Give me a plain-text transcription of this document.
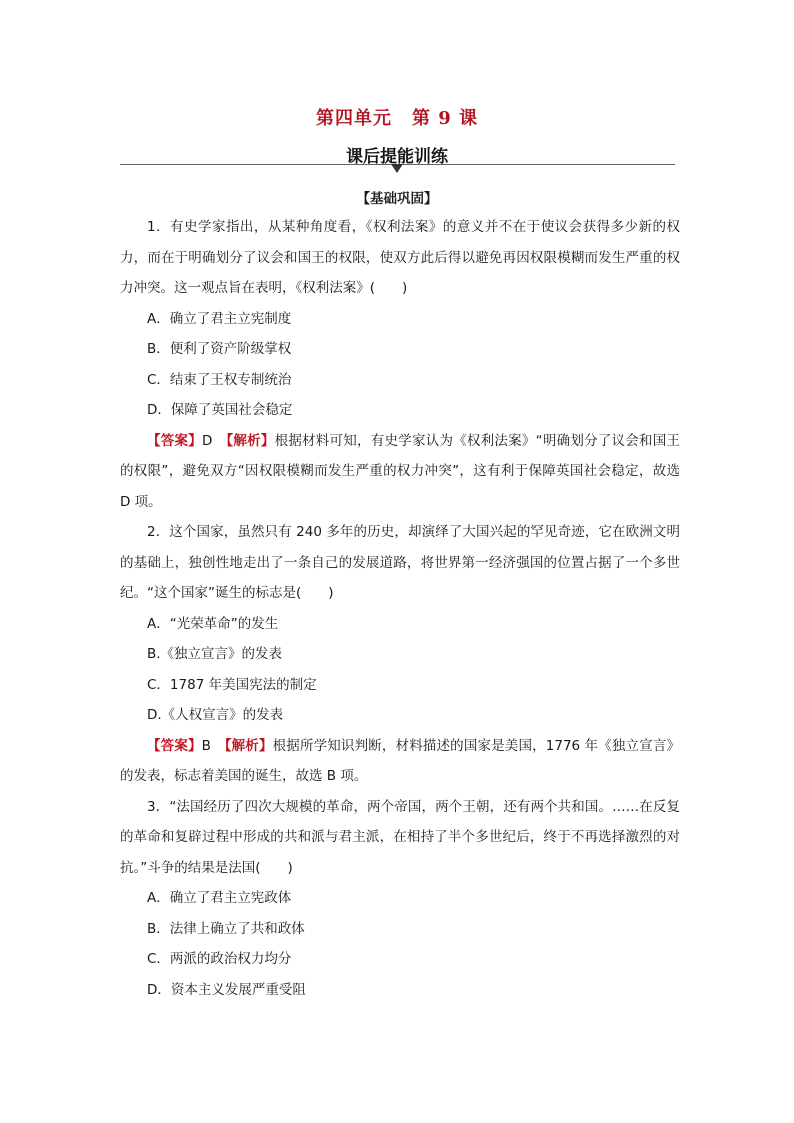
第四单元 第 9 课
课后提能训练
【基础巩固】

1．有史学家指出，从某种角度看，《权利法案》的意义并不在于使议会获得多少新的权力，而在于明确划分了议会和国王的权限，使双方此后得以避免再因权限模糊而发生严重的权力冲突。这一观点旨在表明，《权利法案》(　　)

A．确立了君主立宪制度

B．便利了资产阶级掌权

C．结束了王权专制统治

D．保障了英国社会稳定

【答案】D　 【解析】根据材料可知，有史学家认为《权利法案》“明确划分了议会和国王的权限”，避免双方“因权限模糊而发生严重的权力冲突”，这有利于保障英国社会稳定，故选 D 项。

2．这个国家，虽然只有 240 多年的历史，却演绎了大国兴起的罕见奇迹，它在欧洲文明的基础上，独创性地走出了一条自己的发展道路，将世界第一经济强国的位置占据了一个多世纪。“这个国家”诞生的标志是(　　)

A．“光荣革命”的发生

B.《独立宣言》的发表

C．1787 年美国宪法的制定

D.《人权宣言》的发表

【答案】B　 【解析】根据所学知识判断，材料描述的国家是美国，1776 年《独立宣言》的发表，标志着美国的诞生，故选 B 项。

3．“法国经历了四次大规模的革命，两个帝国，两个王朝，还有两个共和国。……在反复的革命和复辟过程中形成的共和派与君主派，在相持了半个多世纪后，终于不再选择激烈的对抗。”斗争的结果是法国(　　)

A．确立了君主立宪政体

B．法律上确立了共和政体

C．两派的政治权力均分

D．资本主义发展严重受阻
